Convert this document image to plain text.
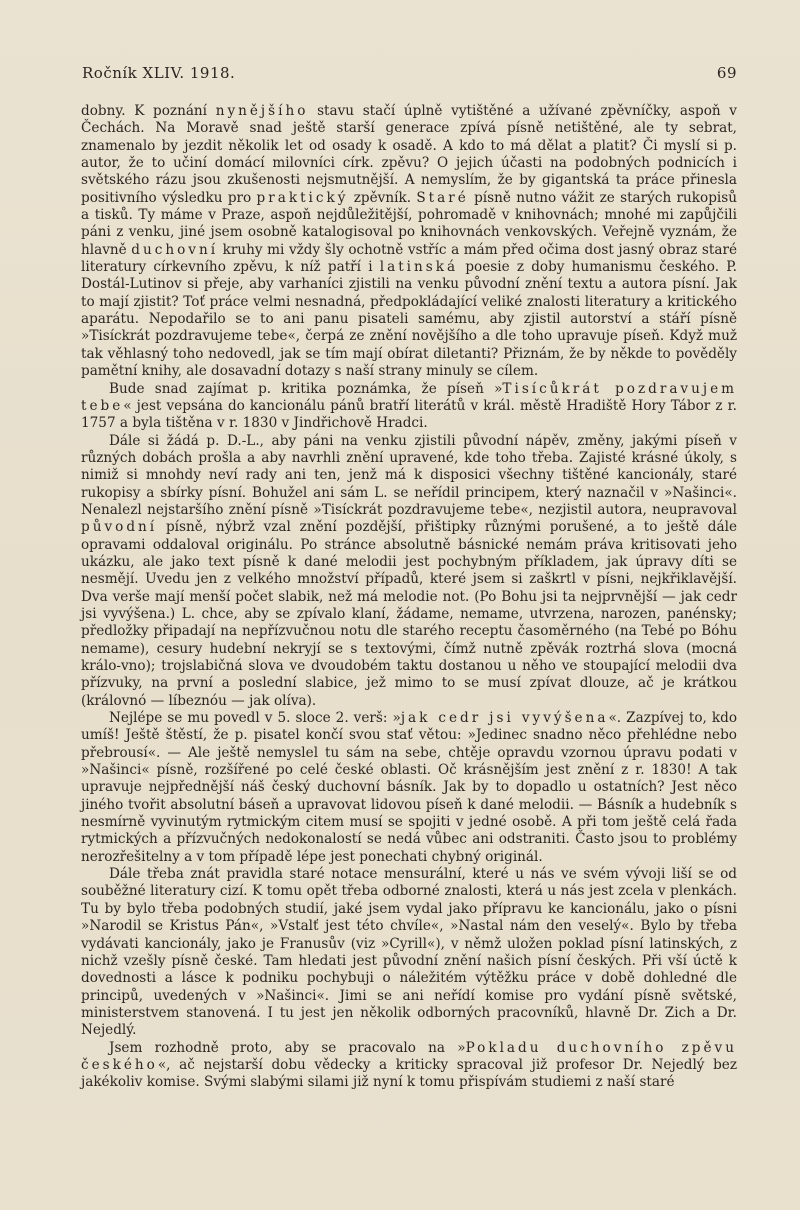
Ročník XLIV. 1918.	69

dobny. K poznání nynějšího stavu stačí úplně vytištěné a užívané zpěvníčky, aspoň v Čechách. Na Moravě snad ještě starší generace zpívá písně netištěné, ale ty sebrat, znamenalo by jezdit několik let od osady k osadě. A kdo to má dělat a platit? Či myslí si p. autor, že to učiní domácí milovníci círk. zpěvu? O jejich účasti na podobných podnicích i světského rázu jsou zkušenosti nejsmutnější. A nemyslím, že by gigantská ta práce přinesla positivního výsledku pro praktický zpěvník. Staré písně nutno vážit ze starých rukopisů a tisků. Ty máme v Praze, aspoň nejdůležitější, pohromadě v knihovnách; mnohé mi zapůjčili páni z venku, jiné jsem osobně katalogisoval po knihovnách venkovských. Veřejně vyznám, že hlavně duchovní kruhy mi vždy šly ochotně vstříc a mám před očima dost jasný obraz staré literatury církevního zpěvu, k níž patří i latinská poesie z doby humanismu českého. P. Dostál-Lutinov si přeje, aby varhaníci zjistili na venku původní znění textu a autora písní. Jak to mají zjistit? Toť práce velmi nesnadná, předpokládající veliké znalosti literatury a kritického aparátu. Nepodařilo se to ani panu pisateli samému, aby zjistil autorství a stáří písně »Tisíckrát pozdravujeme tebe«, čerpá ze znění novějšího a dle toho upravuje píseň. Když muž tak věhlasný toho nedovedl, jak se tím mají obírat diletanti? Přiznám, že by někde to pověděly pamětní knihy, ale dosavadní dotazy s naší strany minuly se cílem.

Bude snad zajímat p. kritika poznámka, že píseň »Tisícůkrát pozdravujem tebe« jest vepsána do kancionálu pánů bratří literátů v král. městě Hradiště Hory Tábor z r. 1757 a byla tištěna v r. 1830 v Jindřichově Hradci.

Dále si žádá p. D.-L., aby páni na venku zjistili původní nápěv, změny, jakými píseň v různých dobách prošla a aby navrhli znění upravené, kde toho třeba. Zajisté krásné úkoly, s nimiž si mnohdy neví rady ani ten, jenž má k disposici všechny tištěné kancionály, staré rukopisy a sbírky písní. Bohužel ani sám L. se neřídil principem, který naznačil v »Našinci«. Nenalezl nejstaršího znění písně »Tisíckrát pozdravujeme tebe«, nezjistil autora, neupravoval původní písně, nýbrž vzal znění pozdější, přištipky různými porušené, a to ještě dále opravami oddaloval originálu. Po stránce absolutně básnické nemám práva kritisovati jeho ukázku, ale jako text písně k dané melodii jest pochybným příkladem, jak úpravy díti se nesmějí. Uvedu jen z velkého množství případů, které jsem si zaškrtl v písni, nejkřiklavější. Dva verše mají menší počet slabik, než má melodie not. (Po Bohu jsi ta nejprvnější — jak cedr jsi vyvýšena.) L. chce, aby se zpívalo klaní, žádame, nemame, utvrzena, narozen, panénsky; předložky připadají na nepřízvučnou notu dle starého receptu časoměrného (na Tebé po Bóhu nemame), cesury hudební nekryjí se s textovými, čímž nutně zpěvák roztrhá slova (mocná králo-vno); trojslabičná slova ve dvoudobém taktu dostanou u něho ve stoupající melodii dva přízvuky, na první a poslední slabice, jež mimo to se musí zpívat dlouze, ač je krátkou (královnó — líbeznóu — jak olíva).

Nejlépe se mu povedl v 5. sloce 2. verš: »jak cedr jsi vyvýšena«. Zazpívej to, kdo umíš! Ještě štěstí, že p. pisatel končí svou stať větou: »Jedinec snadno něco přehlédne nebo přebrousí«. — Ale ještě nemyslel tu sám na sebe, chtěje opravdu vzornou úpravu podati v »Našinci« písně, rozšířené po celé české oblasti. Oč krásnějším jest znění z r. 1830! A tak upravuje nejpřednější náš český duchovní básník. Jak by to dopadlo u ostatních? Jest něco jiného tvořit absolutní báseň a upravovat lidovou píseň k dané melodii. — Básník a hudebník s nesmírně vyvinutým rytmickým citem musí se spojiti v jedné osobě. A při tom ještě celá řada rytmických a přízvučných nedokonalostí se nedá vůbec ani odstraniti. Často jsou to problémy nerozřešitelny a v tom případě lépe jest ponechati chybný originál.

Dále třeba znát pravidla staré notace mensurální, které u nás ve svém vývoji liší se od souběžné literatury cizí. K tomu opět třeba odborné znalosti, která u nás jest zcela v plenkách. Tu by bylo třeba podobných studií, jaké jsem vydal jako přípravu ke kancionálu, jako o písni »Narodil se Kristus Pán«, »Vstalť jest této chvíle«, »Nastal nám den veselý«. Bylo by třeba vydávati kancionály, jako je Franusův (viz »Cyrill«), v němž uložen poklad písní latinských, z nichž vzešly písně české. Tam hledati jest původní znění našich písní českých. Při vší úctě k dovednosti a lásce k podniku pochybuji o náležitém výtěžku práce v době dohledné dle principů, uvedených v »Našinci«. Jimi se ani neřídí komise pro vydání písně světské, ministerstvem stanovená. I tu jest jen několik odborných pracovníků, hlavně Dr. Zich a Dr. Nejedlý.

Jsem rozhodně proto, aby se pracovalo na »Pokladu duchovního zpěvu českého«, ač nejstarší dobu vědecky a kriticky spracoval již profesor Dr. Nejedlý bez jakékoliv komise. Svými slabými silami již nyní k tomu přispívám studiemi z naší staré
